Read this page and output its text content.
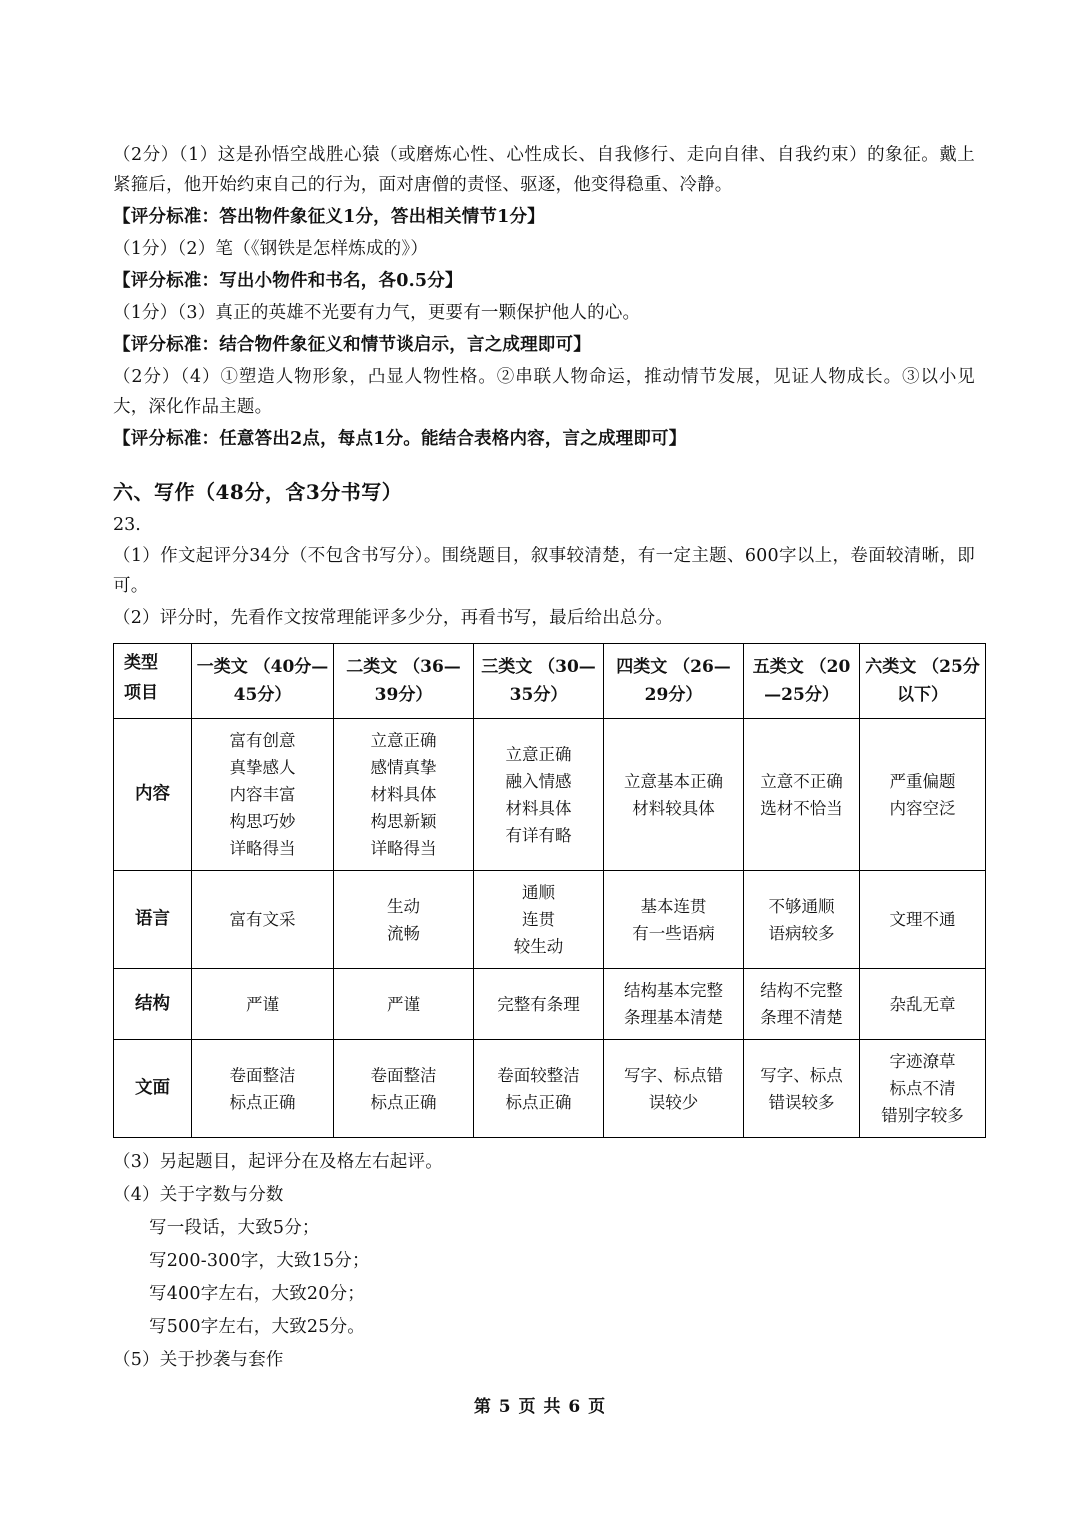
（2分）（1）这是孙悟空战胜心猿（或磨炼心性、心性成长、自我修行、走向自律、自我约束）的象征。戴上紧箍后，他开始约束自己的行为，面对唐僧的责怪、驱逐，他变得稳重、冷静。

【评分标准：答出物件象征义1分，答出相关情节1分】

（1分）（2）笔（《钢铁是怎样炼成的》）

【评分标准：写出小物件和书名，各0.5分】

（1分）（3）真正的英雄不光要有力气，更要有一颗保护他人的心。

【评分标准：结合物件象征义和情节谈启示，言之成理即可】

（2分）（4）①塑造人物形象，凸显人物性格。②串联人物命运，推动情节发展，见证人物成长。③以小见大，深化作品主题。

【评分标准：任意答出2点，每点1分。能结合表格内容，言之成理即可】

六、写作（48分，含3分书写）
23.

（1）作文起评分34分（不包含书写分）。围绕题目，叙事较清楚，有一定主题、600字以上，卷面较清晰，即可。

（2）评分时，先看作文按常理能评多少分，再看书写，最后给出总分。

类型
项目	一类文 （40分—45分）	二类文 （36—39分）	三类文 （30—35分）	四类文 （26—29分）	五类文 （20—25分）	六类文 （25分以下）
内容	富有创意
真挚感人
内容丰富
构思巧妙
详略得当	立意正确
感情真挚
材料具体
构思新颖
详略得当	立意正确
融入情感
材料具体
有详有略	立意基本正确
材料较具体	立意不正确
选材不恰当	严重偏题
内容空泛

语言	富有文采	生动
流畅	通顺
连贯
较生动	基本连贯
有一些语病	不够通顺
语病较多	文理不通

结构	严谨	严谨	完整有条理	结构基本完整
条理基本清楚	结构不完整
条理不清楚	杂乱无章

文面	卷面整洁
标点正确	卷面整洁
标点正确	卷面较整洁
标点正确	写字、标点错
误较少	写字、标点
错误较多	字迹潦草
标点不清
错别字较多

（3）另起题目，起评分在及格左右起评。

（4）关于字数与分数

写一段话，大致5分；

写200-300字，大致15分；

写400字左右，大致20分；

写500字左右，大致25分。

（5）关于抄袭与套作

第 5 页 共 6 页
